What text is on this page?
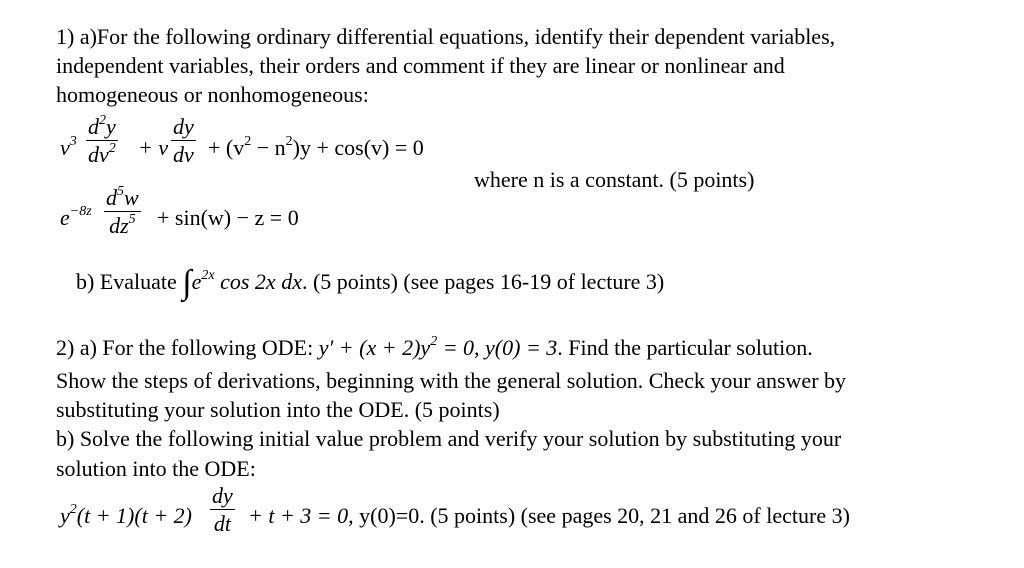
1) a)For the following ordinary differential equations, identify their dependent variables,
independent variables, their orders and comment if they are linear or nonlinear and
homogeneous or nonhomogeneous:
$v^3$
$d^2y$
$dv^2 + v$
dy
dv + $(v^2 - n^2)y + \cos(v) = 0$
where n is a constant. (5 points)
$e^{-8z}$
$d^5w$
$dz^5 + \sin(w) - z = 0$
b) Evaluate $\int e^{2x}$ cos 2x dx. (5 points) (see pages 16-19 of lecture 3)
2) a) For the following ODE: $y' + (x + 2)y^2 = 0$, y(0) = 3. Find the particular solution.
Show the steps of derivations, beginning with the general solution. Check your answer by
substituting your solution into the ODE. (5 points)
b) Solve the following initial value problem and verify your solution by substituting your
solution into the ODE:
$y^2(t + 1)(t + 2)$
dy
dt + t + 3 = 0, y(0)=0. (5 points) (see pages 20, 21 and 26 of lecture 3)
